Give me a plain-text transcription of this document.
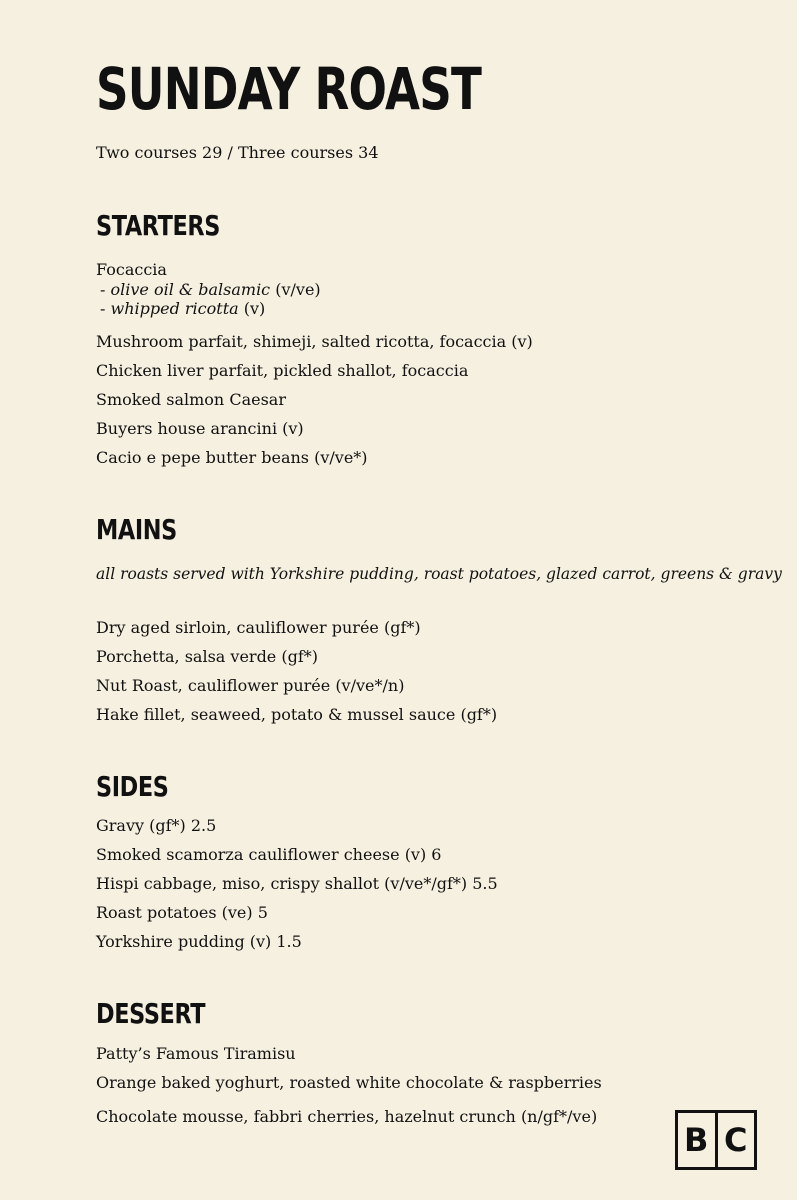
SUNDAY ROAST
Two courses 29 / Three courses 34
STARTERS
Focaccia
- olive oil & balsamic (v/ve)
- whipped ricotta (v)
Mushroom parfait, shimeji, salted ricotta, focaccia (v)
Chicken liver parfait, pickled shallot, focaccia
Smoked salmon Caesar
Buyers house arancini (v)
Cacio e pepe butter beans (v/ve*)
MAINS
all roasts served with Yorkshire pudding, roast potatoes, glazed carrot, greens & gravy
Dry aged sirloin, cauliflower purée (gf*)
Porchetta, salsa verde (gf*)
Nut Roast, cauliflower purée (v/ve*/n)
Hake fillet, seaweed, potato & mussel sauce (gf*)
SIDES
Gravy (gf*) 2.5
Smoked scamorza cauliflower cheese (v) 6
Hispi cabbage, miso, crispy shallot (v/ve*/gf*) 5.5
Roast potatoes (ve) 5
Yorkshire pudding (v) 1.5
DESSERT
Patty’s Famous Tiramisu
Orange baked yoghurt, roasted white chocolate & raspberries
Chocolate mousse, fabbri cherries, hazelnut crunch (n/gf*/ve)
B C
